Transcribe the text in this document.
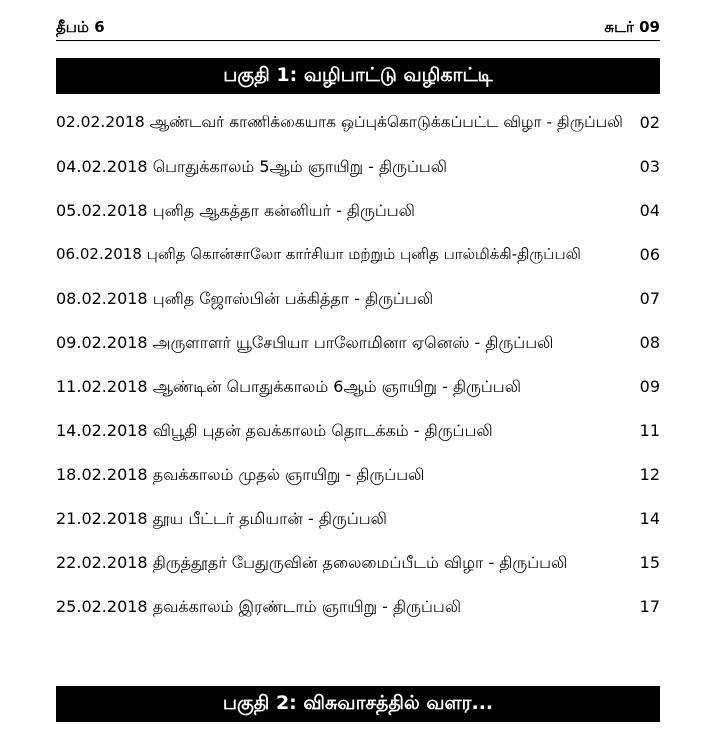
தீபம் 6	சுடர் 09
பகுதி 1: வழிபாட்டு வழிகாட்டி
02.02.2018 ஆண்டவர் காணிக்கையாக ஒப்புக்கொடுக்கப்பட்ட விழா - திருப்பலி 02
04.02.2018 பொதுக்காலம் 5ஆம் ஞாயிறு - திருப்பலி	03
05.02.2018 புனித ஆகத்தா கன்னியர் - திருப்பலி	04
06.02.2018 புனித கொன்சாலோ கார்சியா மற்றும் புனித பால்மிக்கி-திருப்பலி	06
08.02.2018 புனித ஜோஸ்பின் பக்கித்தா - திருப்பலி	07
09.02.2018 அருளாளர் யூசேபியா பாலோமினா ஏனெஸ் - திருப்பலி	08
11.02.2018 ஆண்டின் பொதுக்காலம் 6ஆம் ஞாயிறு - திருப்பலி	09
14.02.2018 விபூதி புதன் தவக்காலம் தொடக்கம் - திருப்பலி	11
18.02.2018 தவக்காலம் முதல் ஞாயிறு - திருப்பலி	12
21.02.2018 தூய பீட்டர் தமியான் - திருப்பலி	14
22.02.2018 திருத்தூதர் பேதுருவின் தலைமைப்பீடம் விழா - திருப்பலி	15
25.02.2018 தவக்காலம் இரண்டாம் ஞாயிறு - திருப்பலி	17
பகுதி 2: விசுவாசத்தில் வளர...
